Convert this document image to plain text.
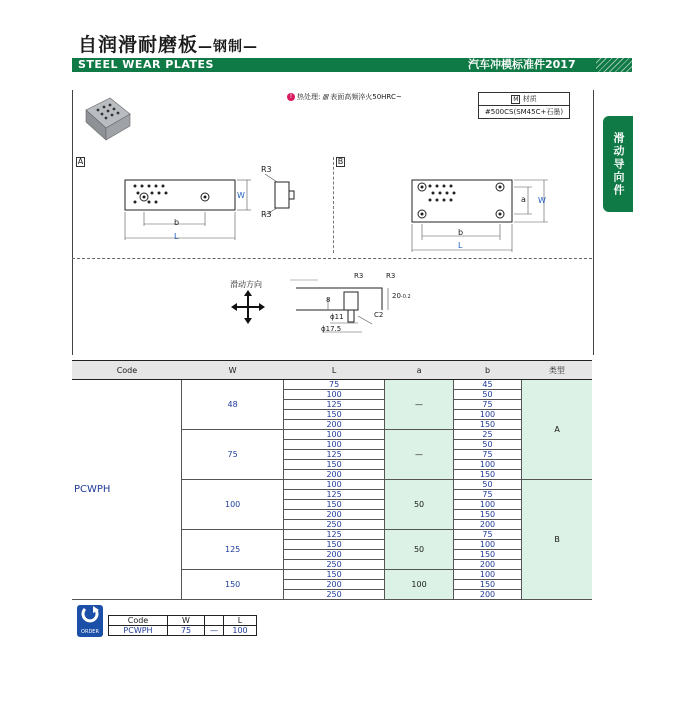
自润滑耐磨板—钢制—
STEEL WEAR PLATES	汽车冲模标准件2017
滑动导向件
! 热处理: //// 表面高频淬火50HRC~	M 材质
#500CS(SM45C+石墨)
A	B
b
L
W
R3
R3
b
L
a W
滑动方向
R3	R3
8	20-0.2
ϕ11
ϕ17.5
C2
Code	W	L	a	b	类型
PCWPH	48	75	—	45	A
		100		50	
		125		75	
		150		100	
		200		150	
	75	100	—	25	
		100		50	
		125		75	
		150		100	
		200		150	
	100	100	50	50	B
		125		75	
		150		100	
		200		150	
		250		200	
	125	125	50	75	
		150		100	
		200		150	
		250		200	
	150	150	100	100	
		200		150	
		250		200	
ORDER
Code	W		L
PCWPH	75	—	100
